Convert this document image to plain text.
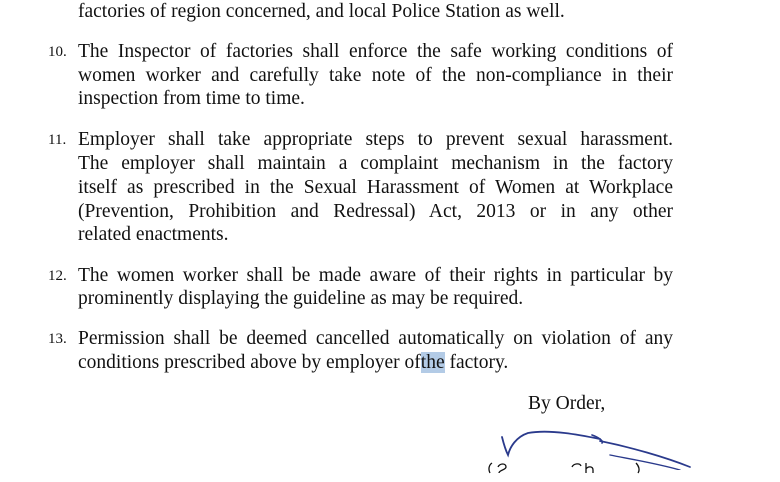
factories of region concerned, and local Police Station as well.
10. The Inspector of factories shall enforce the safe working conditions of
women worker and carefully take note of the non-compliance in their
inspection from time to time.
11. Employer shall take appropriate steps to prevent sexual harassment.
The employer shall maintain a complaint mechanism in the factory
itself as prescribed in the Sexual Harassment of Women at Workplace
(Prevention, Prohibition and Redressal) Act, 2013 or in any other
related enactments.
12. The women worker shall be made aware of their rights in particular by
prominently displaying the guideline as may be required.
13. Permission shall be deemed cancelled automatically on violation of any
conditions prescribed above by employer ofthe factory.
By Order,
